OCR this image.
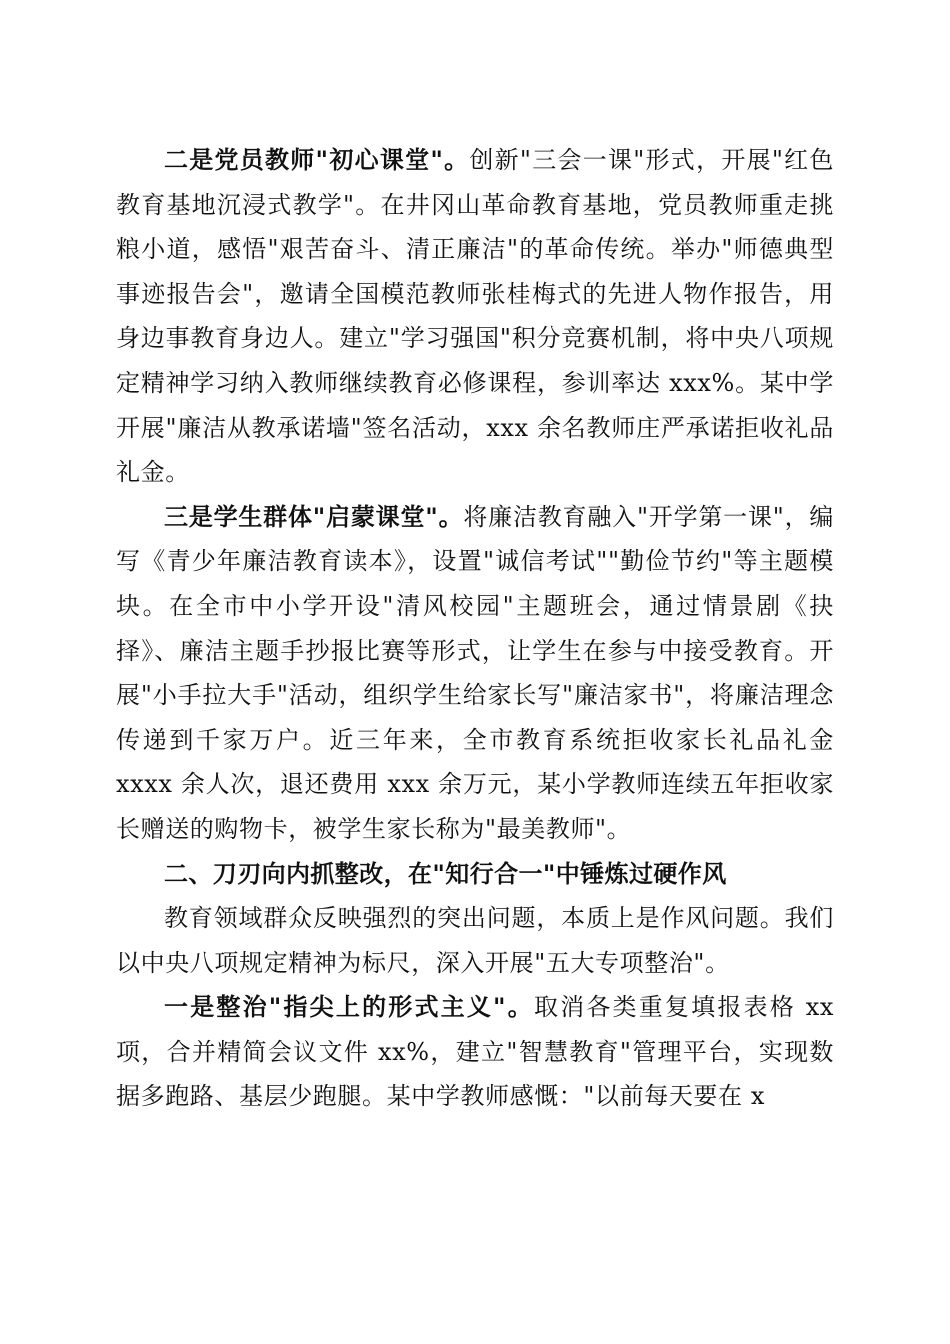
二是党员教师"初心课堂"。创新"三会一课"形式，开展"红色教育基地沉浸式教学"。在井冈山革命教育基地，党员教师重走挑粮小道，感悟"艰苦奋斗、清正廉洁"的革命传统。举办"师德典型事迹报告会"，邀请全国模范教师张桂梅式的先进人物作报告，用身边事教育身边人。建立"学习强国"积分竞赛机制，将中央八项规定精神学习纳入教师继续教育必修课程，参训率达 xxx%。某中学开展"廉洁从教承诺墙"签名活动，xxx 余名教师庄严承诺拒收礼品礼金。

三是学生群体"启蒙课堂"。将廉洁教育融入"开学第一课"，编写《青少年廉洁教育读本》，设置"诚信考试""勤俭节约"等主题模块。在全市中小学开设"清风校园"主题班会，通过情景剧《抉择》、廉洁主题手抄报比赛等形式，让学生在参与中接受教育。开展"小手拉大手"活动，组织学生给家长写"廉洁家书"，将廉洁理念传递到千家万户。近三年来，全市教育系统拒收家长礼品礼金 xxxx 余人次，退还费用 xxx 余万元，某小学教师连续五年拒收家长赠送的购物卡，被学生家长称为"最美教师"。

二、刀刃向内抓整改，在"知行合一"中锤炼过硬作风

教育领域群众反映强烈的突出问题，本质上是作风问题。我们以中央八项规定精神为标尺，深入开展"五大专项整治"。

一是整治"指尖上的形式主义"。取消各类重复填报表格 xx 项，合并精简会议文件 xx%，建立"智慧教育"管理平台，实现数据多跑路、基层少跑腿。某中学教师感慨："以前每天要在 x
